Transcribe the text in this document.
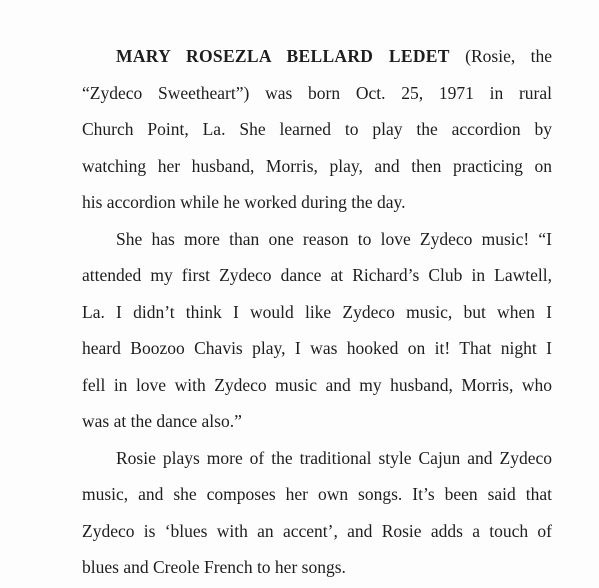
MARY ROSEZLA BELLARD LEDET (Rosie, the
“Zydeco Sweetheart”) was born Oct. 25, 1971 in rural
Church Point, La. She learned to play the accordion by
watching her husband, Morris, play, and then practicing on
his accordion while he worked during the day.
She has more than one reason to love Zydeco music! “I
attended my first Zydeco dance at Richard’s Club in Lawtell,
La. I didn’t think I would like Zydeco music, but when I
heard Boozoo Chavis play, I was hooked on it! That night I
fell in love with Zydeco music and my husband, Morris, who
was at the dance also.”
Rosie plays more of the traditional style Cajun and Zydeco
music, and she composes her own songs. It’s been said that
Zydeco is ‘blues with an accent’, and Rosie adds a touch of
blues and Creole French to her songs.
